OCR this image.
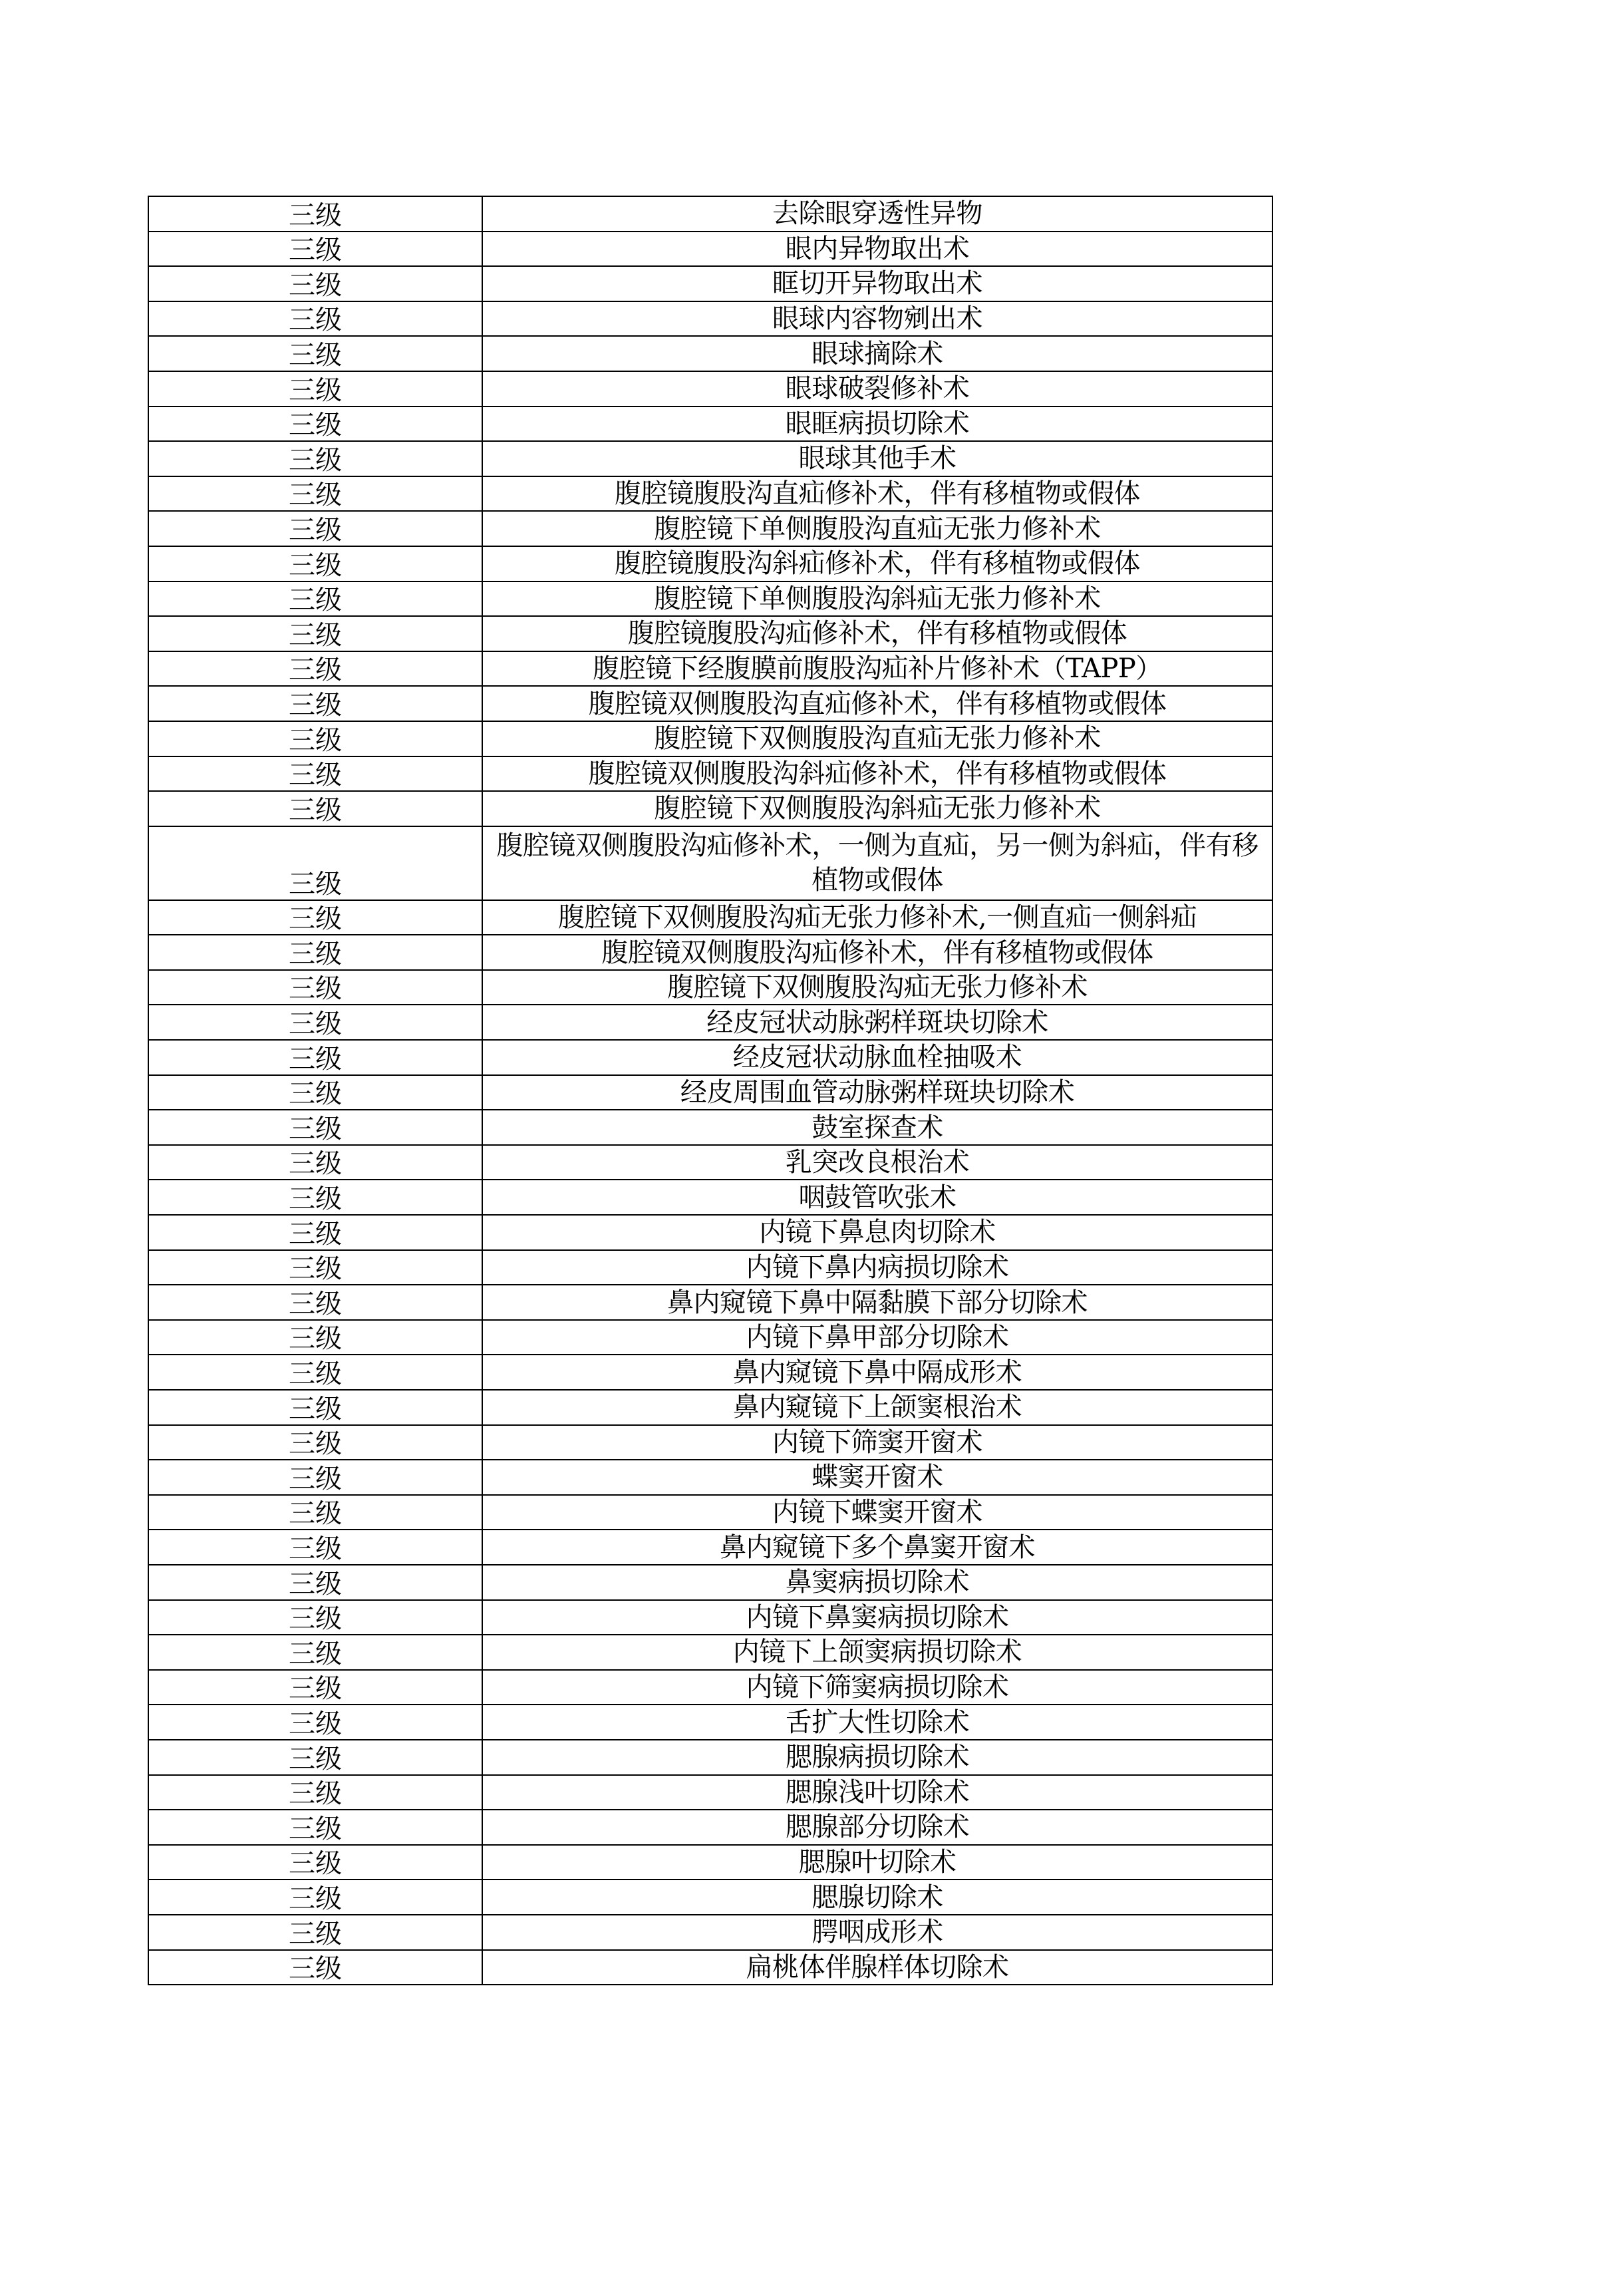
三级	去除眼穿透性异物
三级	眼内异物取出术
三级	眶切开异物取出术
三级	眼球内容物剜出术
三级	眼球摘除术
三级	眼球破裂修补术
三级	眼眶病损切除术
三级	眼球其他手术
三级	腹腔镜腹股沟直疝修补术，伴有移植物或假体
三级	腹腔镜下单侧腹股沟直疝无张力修补术
三级	腹腔镜腹股沟斜疝修补术，伴有移植物或假体
三级	腹腔镜下单侧腹股沟斜疝无张力修补术
三级	腹腔镜腹股沟疝修补术，伴有移植物或假体
三级	腹腔镜下经腹膜前腹股沟疝补片修补术（TAPP）
三级	腹腔镜双侧腹股沟直疝修补术，伴有移植物或假体
三级	腹腔镜下双侧腹股沟直疝无张力修补术
三级	腹腔镜双侧腹股沟斜疝修补术，伴有移植物或假体
三级	腹腔镜下双侧腹股沟斜疝无张力修补术
三级	腹腔镜双侧腹股沟疝修补术，一侧为直疝，另一侧为斜疝，伴有移植物或假体
三级	腹腔镜下双侧腹股沟疝无张力修补术,一侧直疝一侧斜疝
三级	腹腔镜双侧腹股沟疝修补术，伴有移植物或假体
三级	腹腔镜下双侧腹股沟疝无张力修补术
三级	经皮冠状动脉粥样斑块切除术
三级	经皮冠状动脉血栓抽吸术
三级	经皮周围血管动脉粥样斑块切除术
三级	鼓室探查术
三级	乳突改良根治术
三级	咽鼓管吹张术
三级	内镜下鼻息肉切除术
三级	内镜下鼻内病损切除术
三级	鼻内窥镜下鼻中隔黏膜下部分切除术
三级	内镜下鼻甲部分切除术
三级	鼻内窥镜下鼻中隔成形术
三级	鼻内窥镜下上颌窦根治术
三级	内镜下筛窦开窗术
三级	蝶窦开窗术
三级	内镜下蝶窦开窗术
三级	鼻内窥镜下多个鼻窦开窗术
三级	鼻窦病损切除术
三级	内镜下鼻窦病损切除术
三级	内镜下上颌窦病损切除术
三级	内镜下筛窦病损切除术
三级	舌扩大性切除术
三级	腮腺病损切除术
三级	腮腺浅叶切除术
三级	腮腺部分切除术
三级	腮腺叶切除术
三级	腮腺切除术
三级	腭咽成形术
三级	扁桃体伴腺样体切除术
